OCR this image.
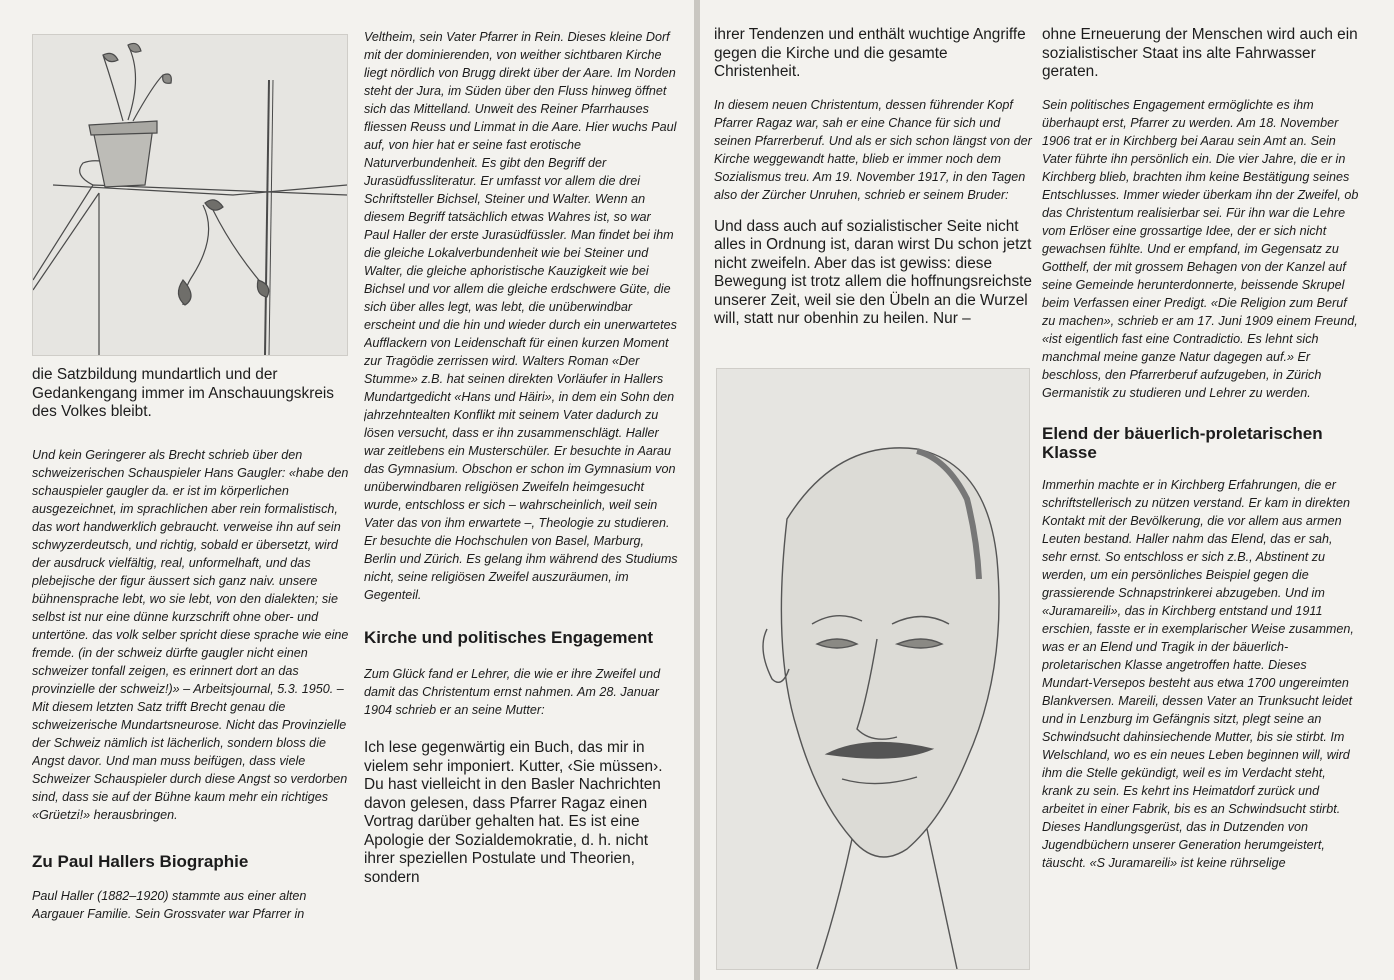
die Satzbildung mundartlich und der Gedankengang immer im Anschauungskreis des Volkes bleibt.

Und kein Geringerer als Brecht schrieb über den schweizerischen Schauspieler Hans Gaugler: «habe den schauspieler gaugler da. er ist im körperlichen ausgezeichnet, im sprachlichen aber rein formalistisch, das wort handwerklich gebraucht. verweise ihn auf sein schwyzerdeutsch, und richtig, sobald er übersetzt, wird der ausdruck vielfältig, real, unformelhaft, und das plebejische der figur äussert sich ganz naiv. unsere bühnensprache lebt, wo sie lebt, von den dialekten; sie selbst ist nur eine dünne kurzschrift ohne ober- und untertöne. das volk selber spricht diese sprache wie eine fremde. (in der schweiz dürfte gaugler nicht einen schweizer tonfall zeigen, es erinnert dort an das provinzielle der schweiz!)» – Arbeitsjournal, 5.3. 1950. – Mit diesem letzten Satz trifft Brecht genau die schweizerische Mundartsneurose. Nicht das Provinzielle der Schweiz nämlich ist lächerlich, sondern bloss die Angst davor. Und man muss beifügen, dass viele Schweizer Schauspieler durch diese Angst so verdorben sind, dass sie auf der Bühne kaum mehr ein richtiges «Grüetzi!» herausbringen.

Zu Paul Hallers Biographie

Paul Haller (1882–1920) stammte aus einer alten Aargauer Familie. Sein Grossvater war Pfarrer in

Veltheim, sein Vater Pfarrer in Rein. Dieses kleine Dorf mit der dominierenden, von weither sichtbaren Kirche liegt nördlich von Brugg direkt über der Aare. Im Norden steht der Jura, im Süden über den Fluss hinweg öffnet sich das Mittelland. Unweit des Reiner Pfarrhauses fliessen Reuss und Limmat in die Aare. Hier wuchs Paul auf, von hier hat er seine fast erotische Naturverbundenheit. Es gibt den Begriff der Jurasüdfussliteratur. Er umfasst vor allem die drei Schriftsteller Bichsel, Steiner und Walter. Wenn an diesem Begriff tatsächlich etwas Wahres ist, so war Paul Haller der erste Jurasüdfüssler. Man findet bei ihm die gleiche Lokalverbundenheit wie bei Steiner und Walter, die gleiche aphoristische Kauzigkeit wie bei Bichsel und vor allem die gleiche erdschwere Güte, die sich über alles legt, was lebt, die unüberwindbar erscheint und die hin und wieder durch ein unerwartetes Aufflackern von Leidenschaft für einen kurzen Moment zur Tragödie zerrissen wird. Walters Roman «Der Stumme» z.B. hat seinen direkten Vorläufer in Hallers Mundartgedicht «Hans und Häiri», in dem ein Sohn den jahrzehntealten Konflikt mit seinem Vater dadurch zu lösen versucht, dass er ihn zusammenschlägt. Haller war zeitlebens ein Musterschüler. Er besuchte in Aarau das Gymnasium. Obschon er schon im Gymnasium von unüberwindbaren religiösen Zweifeln heimgesucht wurde, entschloss er sich – wahrscheinlich, weil sein Vater das von ihm erwartete –, Theologie zu studieren. Er besuchte die Hochschulen von Basel, Marburg, Berlin und Zürich. Es gelang ihm während des Studiums nicht, seine religiösen Zweifel auszuräumen, im Gegenteil.

Kirche und politisches Engagement

Zum Glück fand er Lehrer, die wie er ihre Zweifel und damit das Christentum ernst nahmen. Am 28. Januar 1904 schrieb er an seine Mutter:

Ich lese gegenwärtig ein Buch, das mir in vielem sehr imponiert. Kutter, ‹Sie müssen›. Du hast vielleicht in den Basler Nachrichten davon gelesen, dass Pfarrer Ragaz einen Vortrag darüber gehalten hat. Es ist eine Apologie der Sozialdemokratie, d. h. nicht ihrer speziellen Postulate und Theorien, sondern

ihrer Tendenzen und enthält wuchtige Angriffe gegen die Kirche und die gesamte Christenheit.

In diesem neuen Christentum, dessen führender Kopf Pfarrer Ragaz war, sah er eine Chance für sich und seinen Pfarrerberuf. Und als er sich schon längst von der Kirche weggewandt hatte, blieb er immer noch dem Sozialismus treu. Am 19. November 1917, in den Tagen also der Zürcher Unruhen, schrieb er seinem Bruder:

Und dass auch auf sozialistischer Seite nicht alles in Ordnung ist, daran wirst Du schon jetzt nicht zweifeln. Aber das ist gewiss: diese Bewegung ist trotz allem die hoffnungsreichste unserer Zeit, weil sie den Übeln an die Wurzel will, statt nur obenhin zu heilen. Nur –

ohne Erneuerung der Menschen wird auch ein sozialistischer Staat ins alte Fahrwasser geraten.

Sein politisches Engagement ermöglichte es ihm überhaupt erst, Pfarrer zu werden. Am 18. November 1906 trat er in Kirchberg bei Aarau sein Amt an. Sein Vater führte ihn persönlich ein. Die vier Jahre, die er in Kirchberg blieb, brachten ihm keine Bestätigung seines Entschlusses. Immer wieder überkam ihn der Zweifel, ob das Christentum realisierbar sei. Für ihn war die Lehre vom Erlöser eine grossartige Idee, der er sich nicht gewachsen fühlte. Und er empfand, im Gegensatz zu Gotthelf, der mit grossem Behagen von der Kanzel auf seine Gemeinde herunterdonnerte, beissende Skrupel beim Verfassen einer Predigt. «Die Religion zum Beruf zu machen», schrieb er am 17. Juni 1909 einem Freund, «ist eigentlich fast eine Contradictio. Es lehnt sich manchmal meine ganze Natur dagegen auf.» Er beschloss, den Pfarrerberuf aufzugeben, in Zürich Germanistik zu studieren und Lehrer zu werden.

Elend der bäuerlich-proletarischen Klasse

Immerhin machte er in Kirchberg Erfahrungen, die er schriftstellerisch zu nützen verstand. Er kam in direkten Kontakt mit der Bevölkerung, die vor allem aus armen Leuten bestand. Haller nahm das Elend, das er sah, sehr ernst. So entschloss er sich z.B., Abstinent zu werden, um ein persönliches Beispiel gegen die grassierende Schnapstrinkerei abzugeben. Und im «Juramareili», das in Kirchberg entstand und 1911 erschien, fasste er in exemplarischer Weise zusammen, was er an Elend und Tragik in der bäuerlich-proletarischen Klasse angetroffen hatte. Dieses Mundart-Versepos besteht aus etwa 1700 ungereimten Blankversen. Mareili, dessen Vater an Trunksucht leidet und in Lenzburg im Gefängnis sitzt, plegt seine an Schwindsucht dahinsiechende Mutter, bis sie stirbt. Im Welschland, wo es ein neues Leben beginnen will, wird ihm die Stelle gekündigt, weil es im Verdacht steht, krank zu sein. Es kehrt ins Heimatdorf zurück und arbeitet in einer Fabrik, bis es an Schwindsucht stirbt. Dieses Handlungsgerüst, das in Dutzenden von Jugendbüchern unserer Generation herumgeistert, täuscht. «S Juramareili» ist keine rührselige
